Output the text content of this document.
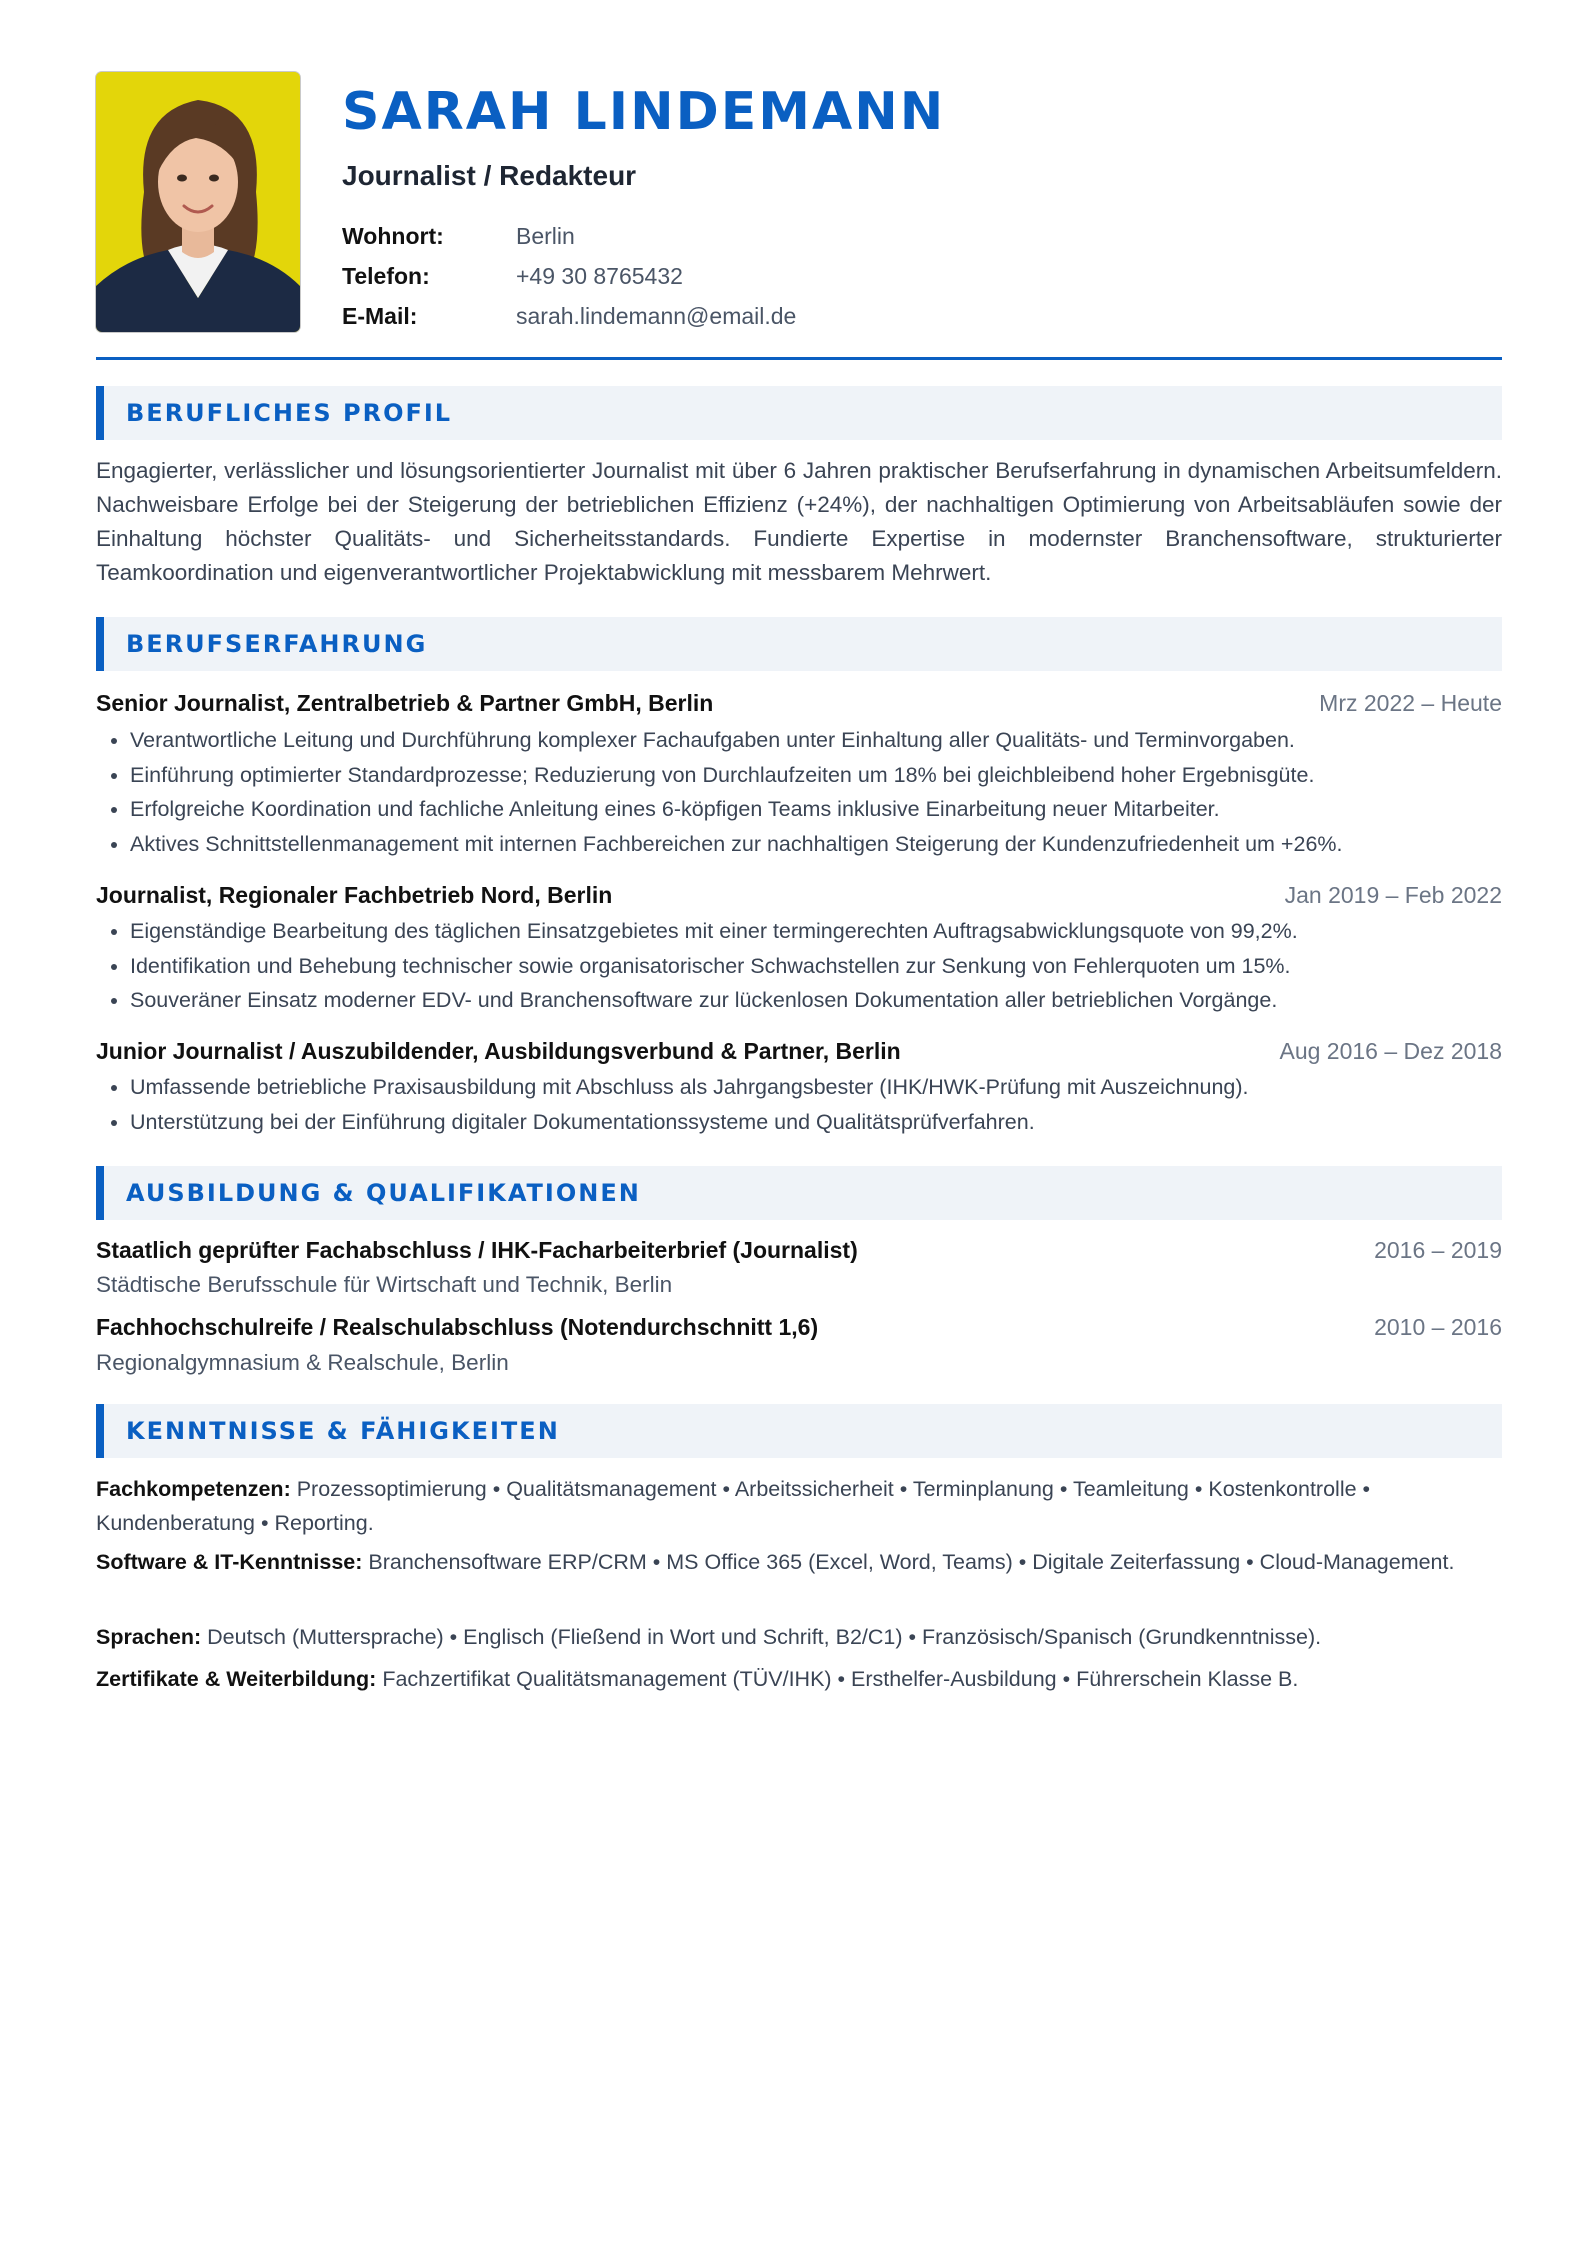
SARAH LINDEMANN
Journalist / Redakteur
Wohnort:	Berlin
Telefon:	+49 30 8765432
E-Mail:	sarah.lindemann@email.de
BERUFLICHES PROFIL

Engagierter, verlässlicher und lösungsorientierter Journalist mit über 6 Jahren praktischer Berufserfahrung in dynamischen Arbeitsumfeldern. Nachweisbare Erfolge bei der Steigerung der betrieblichen Effizienz (+24%), der nachhaltigen Optimierung von Arbeitsabläufen sowie der Einhaltung höchster Qualitäts- und Sicherheitsstandards. Fundierte Expertise in modernster Branchensoftware, strukturierter Teamkoordination und eigenverantwortlicher Projektabwicklung mit messbarem Mehrwert.

BERUFSERFAHRUNG
Senior Journalist, Zentralbetrieb & Partner GmbH, Berlin	Mrz 2022 – Heute
• Verantwortliche Leitung und Durchführung komplexer Fachaufgaben unter Einhaltung aller Qualitäts- und Terminvorgaben.
• Einführung optimierter Standardprozesse; Reduzierung von Durchlaufzeiten um 18% bei gleichbleibend hoher Ergebnisgüte.
• Erfolgreiche Koordination und fachliche Anleitung eines 6-köpfigen Teams inklusive Einarbeitung neuer Mitarbeiter.
• Aktives Schnittstellenmanagement mit internen Fachbereichen zur nachhaltigen Steigerung der Kundenzufriedenheit um +26%.
Journalist, Regionaler Fachbetrieb Nord, Berlin	Jan 2019 – Feb 2022
• Eigenständige Bearbeitung des täglichen Einsatzgebietes mit einer termingerechten Auftragsabwicklungsquote von 99,2%.
• Identifikation und Behebung technischer sowie organisatorischer Schwachstellen zur Senkung von Fehlerquoten um 15%.
• Souveräner Einsatz moderner EDV- und Branchensoftware zur lückenlosen Dokumentation aller betrieblichen Vorgänge.
Junior Journalist / Auszubildender, Ausbildungsverbund & Partner, Berlin	Aug 2016 – Dez 2018
• Umfassende betriebliche Praxisausbildung mit Abschluss als Jahrgangsbester (IHK/HWK-Prüfung mit Auszeichnung).
• Unterstützung bei der Einführung digitaler Dokumentationssysteme und Qualitätsprüfverfahren.
AUSBILDUNG & QUALIFIKATIONEN
Staatlich geprüfter Fachabschluss / IHK-Facharbeiterbrief (Journalist)	2016 – 2019
Städtische Berufsschule für Wirtschaft und Technik, Berlin
Fachhochschulreife / Realschulabschluss (Notendurchschnitt 1,6)	2010 – 2016
Regionalgymnasium & Realschule, Berlin
KENNTNISSE & FÄHIGKEITEN

Fachkompetenzen: Prozessoptimierung • Qualitätsmanagement • Arbeitssicherheit • Terminplanung • Teamleitung • Kostenkontrolle • Kundenberatung • Reporting.

Software & IT-Kenntnisse: Branchensoftware ERP/CRM • MS Office 365 (Excel, Word, Teams) • Digitale Zeiterfassung • Cloud-Management.

Sprachen: Deutsch (Muttersprache) • Englisch (Fließend in Wort und Schrift, B2/C1) • Französisch/Spanisch (Grundkenntnisse).

Zertifikate & Weiterbildung: Fachzertifikat Qualitätsmanagement (TÜV/IHK) • Ersthelfer-Ausbildung • Führerschein Klasse B.
